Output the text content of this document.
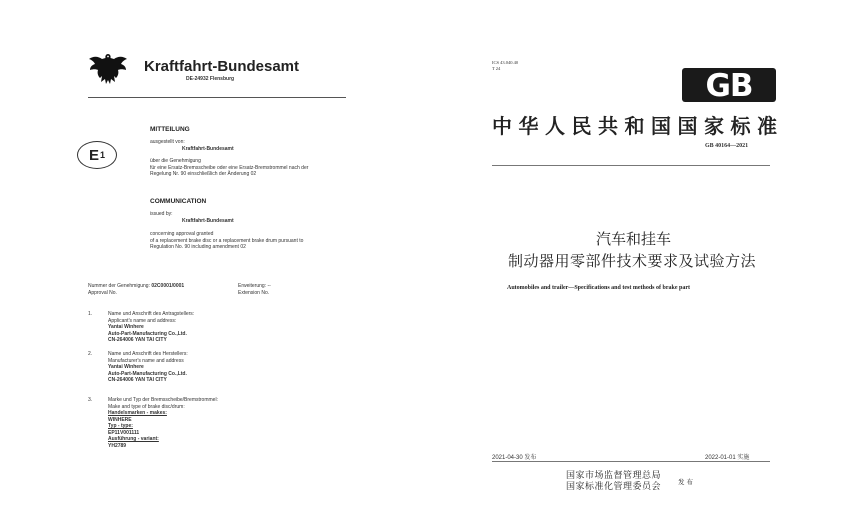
Kraftfahrt-Bundesamt
DE-24932 Flensburg
E 1
MITTEILUNG
ausgestellt von:
Kraftfahrt-Bundesamt
über die Genehmigung
für eine Ersatz-Bremsscheibe oder eine Ersatz-Bremstrommel nach der
Regelung Nr. 90 einschließlich der Änderung 02
COMMUNICATION
issued by:
Kraftfahrt-Bundesamt
concerning approval granted
of a replacement brake disc or a replacement brake drum pursuant to
Regulation No. 90 including amendment 02
Nummer der Genehmigung: 02C0001/0001
Approval No.
Erweiterung: --
Extension No.
1.	Name und Anschrift des Antragstellers:
Applicant's name and address:
Yantai Winhere
Auto-Part-Manufacturing Co.,Ltd.
CN-264006 YAN TAI CITY
2.	Name und Anschrift des Herstellers:
Manufacturer's name and address
Yantai Winhere
Auto-Part-Manufacturing Co.,Ltd.
CN-264006 YAN TAI CITY
3.	Marke und Typ der Bremsscheibe/Bremstrommel:
Make and type of brake disc/drum:
Handelsmarken - makes:
WINHERE
Typ - type:
EP11V001111
Ausführung - variant:
YH2789
ICS 43.040.40
T 24	GB
中华人民共和国国家标准
GB 40164—2021
汽车和挂车
制动器用零部件技术要求及试验方法
Automobiles and trailer—Specifications and test methods of brake part
2021-04-30 发布	2022-01-01 实施
国家市场监督管理总局
国家标准化管理委员会	发布
